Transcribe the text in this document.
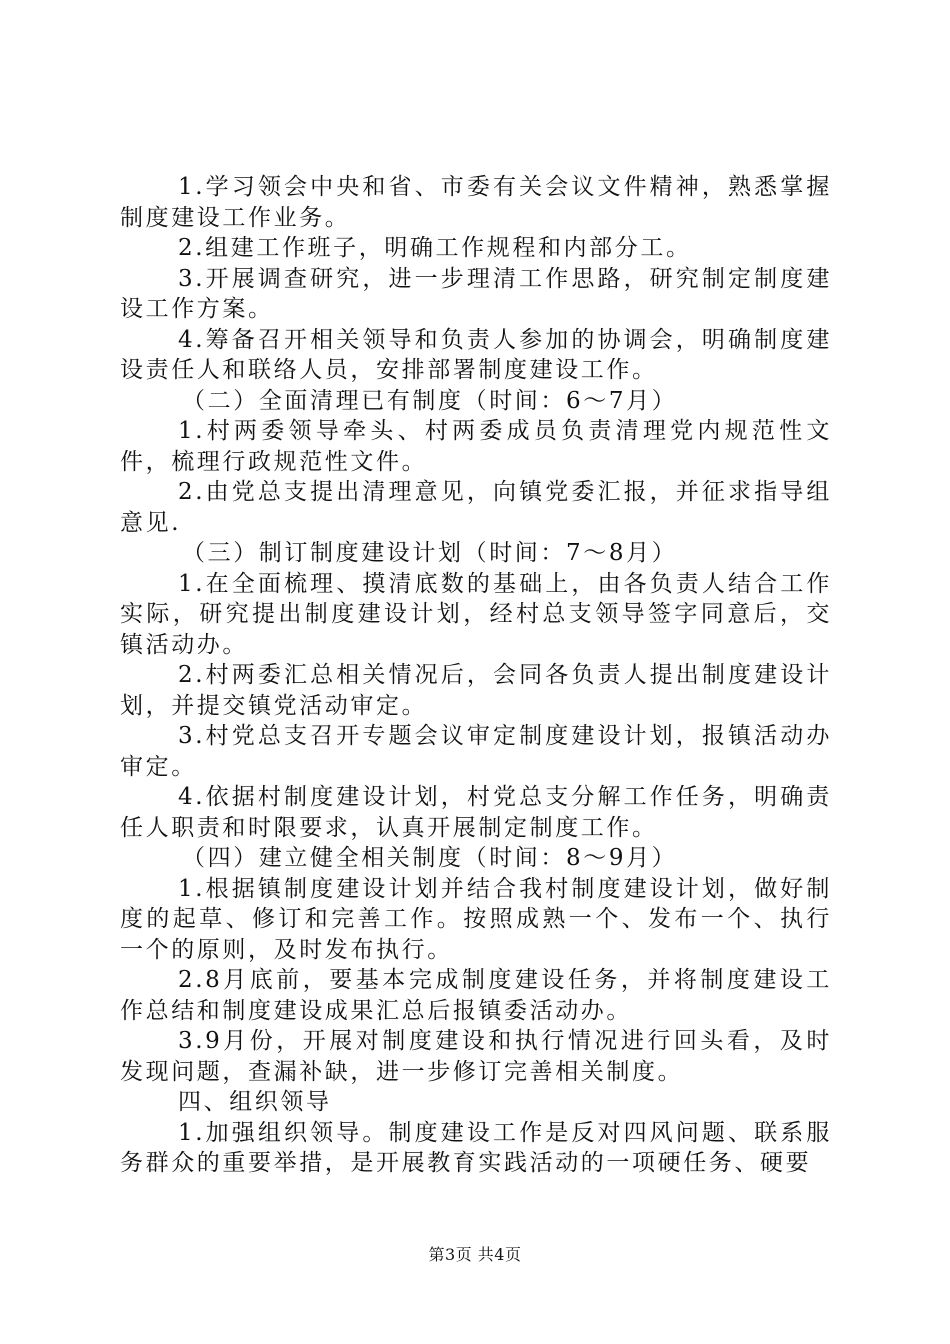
1.学习领会中央和省、市委有关会议文件精神，熟悉掌握制度建设工作业务。

2.组建工作班子，明确工作规程和内部分工。

3.开展调查研究，进一步理清工作思路，研究制定制度建设工作方案。

4.筹备召开相关领导和负责人参加的协调会，明确制度建设责任人和联络人员，安排部署制度建设工作。

（二）全面清理已有制度（时间：6～7月）

1.村两委领导牵头、村两委成员负责清理党内规范性文件，梳理行政规范性文件。

2.由党总支提出清理意见，向镇党委汇报，并征求指导组意见.

（三）制订制度建设计划（时间：7～8月）

1.在全面梳理、摸清底数的基础上，由各负责人结合工作实际，研究提出制度建设计划，经村总支领导签字同意后，交镇活动办。

2.村两委汇总相关情况后，会同各负责人提出制度建设计划，并提交镇党活动审定。

3.村党总支召开专题会议审定制度建设计划，报镇活动办审定。

4.依据村制度建设计划，村党总支分解工作任务，明确责任人职责和时限要求，认真开展制定制度工作。

（四）建立健全相关制度（时间：8～9月）

1.根据镇制度建设计划并结合我村制度建设计划，做好制度的起草、修订和完善工作。按照成熟一个、发布一个、执行一个的原则，及时发布执行。

2.8月底前，要基本完成制度建设任务，并将制度建设工作总结和制度建设成果汇总后报镇委活动办。

3.9月份，开展对制度建设和执行情况进行回头看，及时发现问题，查漏补缺，进一步修订完善相关制度。

四、组织领导

1.加强组织领导。制度建设工作是反对四风问题、联系服务群众的重要举措，是开展教育实践活动的一项硬任务、硬要

第3页 共4页
